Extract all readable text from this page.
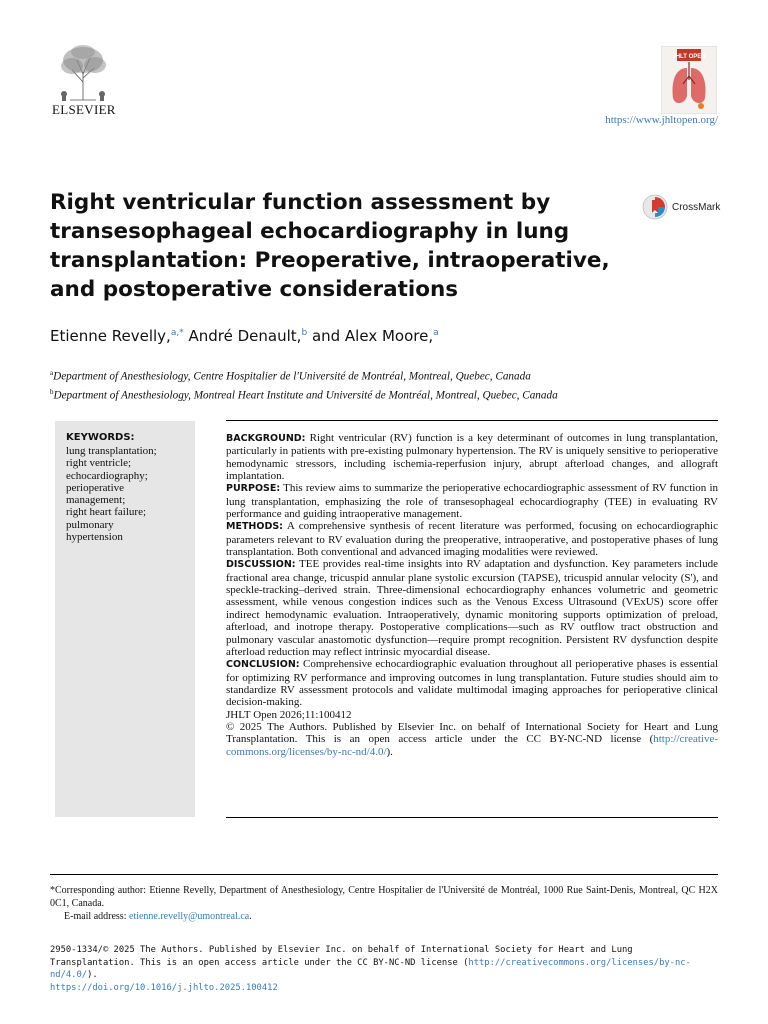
ELSEVIER
JHLT OPEN
https://www.jhltopen.org/
Right ventricular function assessment by transesophageal echocardiography in lung transplantation: Preoperative, intraoperative, and postoperative considerations
CrossMark
Etienne Revelly,$^{a,*}$ André Denault,$^b$ and Alex Moore,$^a$
$^a$Department of Anesthesiology, Centre Hospitalier de l'Université de Montréal, Montreal, Quebec, Canada
$^b$Department of Anesthesiology, Montreal Heart Institute and Université de Montréal, Montreal, Quebec, Canada
KEYWORDS:
lung transplantation;
right ventricle;
echocardiography;
perioperative
management;
right heart failure;
pulmonary
hypertension

BACKGROUND: Right ventricular (RV) function is a key determinant of outcomes in lung transplantation, particularly in patients with pre-existing pulmonary hypertension. The RV is uniquely sensitive to perioperative hemodynamic stressors, including ischemia-reperfusion injury, abrupt afterload changes, and allograft implantation.

PURPOSE: This review aims to summarize the perioperative echocardiographic assessment of RV function in lung transplantation, emphasizing the role of transesophageal echocardiography (TEE) in evaluating RV performance and guiding intraoperative management.

METHODS: A comprehensive synthesis of recent literature was performed, focusing on echocardiographic parameters relevant to RV evaluation during the preoperative, intraoperative, and postoperative phases of lung transplantation. Both conventional and advanced imaging modalities were reviewed.

DISCUSSION: TEE provides real-time insights into RV adaptation and dysfunction. Key parameters include fractional area change, tricuspid annular plane systolic excursion (TAPSE), tricuspid annular velocity (S'), and speckle-tracking–derived strain. Three-dimensional echocardiography enhances volumetric and geometric assessment, while venous congestion indices such as the Venous Excess Ultrasound (VExUS) score offer indirect hemodynamic evaluation. Intraoperatively, dynamic monitoring supports optimization of preload, afterload, and inotrope therapy. Postoperative complications—such as RV outflow tract obstruction and pulmonary vascular anastomotic dysfunction—require prompt recognition. Persistent RV dysfunction despite afterload reduction may reflect intrinsic myocardial disease.

CONCLUSION: Comprehensive echocardiographic evaluation throughout all perioperative phases is essential for optimizing RV performance and improving outcomes in lung transplantation. Future studies should aim to standardize RV assessment protocols and validate multimodal imaging approaches for perioperative clinical decision-making.

JHLT Open 2026;11:100412

© 2025 The Authors. Published by Elsevier Inc. on behalf of International Society for Heart and Lung Transplantation. This is an open access article under the CC BY-NC-ND license (http://creative-commons.org/licenses/by-nc-nd/4.0/).

*Corresponding author: Etienne Revelly, Department of Anesthesiology, Centre Hospitalier de l'Université de Montréal, 1000 Rue Saint-Denis, Montreal, QC H2X 0C1, Canada.
E-mail address: etienne.revelly@umontreal.ca.
2950-1334/© 2025 The Authors. Published by Elsevier Inc. on behalf of International Society for Heart and Lung Transplantation. This is an open access article under the CC BY-NC-ND license (http://creativecommons.org/licenses/by-nc-nd/4.0/).
https://doi.org/10.1016/j.jhlto.2025.100412
